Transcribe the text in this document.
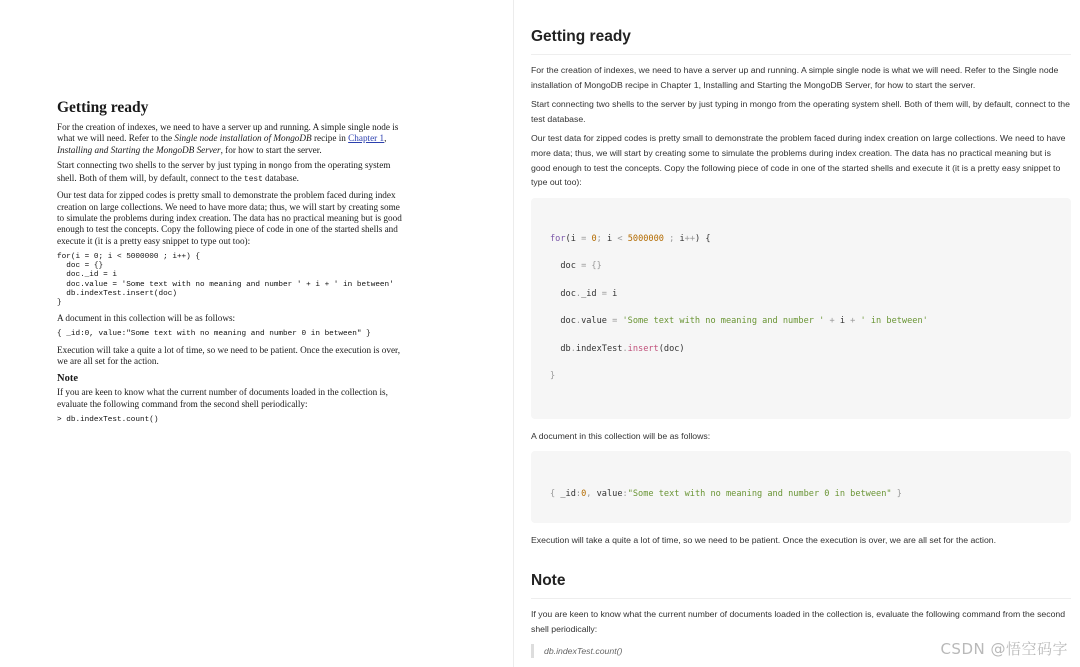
Getting ready

For the creation of indexes, we need to have a server up and running. A simple single node is what we will need. Refer to the Single node installation of MongoDB recipe in Chapter 1, Installing and Starting the MongoDB Server, for how to start the server.

Start connecting two shells to the server by just typing in mongo from the operating system shell. Both of them will, by default, connect to the test database.

Our test data for zipped codes is pretty small to demonstrate the problem faced during index creation on large collections. We need to have more data; thus, we will start by creating some to simulate the problems during index creation. The data has no practical meaning but is good enough to test the concepts. Copy the following piece of code in one of the started shells and execute it (it is a pretty easy snippet to type out too):

for(i = 0; i < 5000000 ; i++) {
doc = {}
doc._id = i
doc.value = 'Some text with no meaning and number ' + i + ' in between'
db.indexTest.insert(doc)
}

A document in this collection will be as follows:

{ _id:0, value:"Some text with no meaning and number 0 in between" }

Execution will take a quite a lot of time, so we need to be patient. Once the execution is over, we are all set for the action.

Note

If you are keen to know what the current number of documents loaded in the collection is, evaluate the following command from the second shell periodically:

> db.indexTest.count()
Getting ready

For the creation of indexes, we need to have a server up and running. A simple single node is what we will need. Refer to the Single node installation of MongoDB recipe in Chapter 1, Installing and Starting the MongoDB Server, for how to start the server.

Start connecting two shells to the server by just typing in mongo from the operating system shell. Both of them will, by default, connect to the test database.

Our test data for zipped codes is pretty small to demonstrate the problem faced during index creation on large collections. We need to have more data; thus, we will start by creating some to simulate the problems during index creation. The data has no practical meaning but is good enough to test the concepts. Copy the following piece of code in one of the started shells and execute it (it is a pretty easy snippet to type out too):

for(i = 0; i < 5000000 ; i++) {
doc = {}
doc._id = i
doc.value = 'Some text with no meaning and number ' + i + ' in between'
db.indexTest.insert(doc)
}

A document in this collection will be as follows:

{ _id:0, value:"Some text with no meaning and number 0 in between" }

Execution will take a quite a lot of time, so we need to be patient. Once the execution is over, we are all set for the action.

Note

If you are keen to know what the current number of documents loaded in the collection is, evaluate the following command from the second shell periodically:

db.indexTest.count()	CSDN @悟空码字
